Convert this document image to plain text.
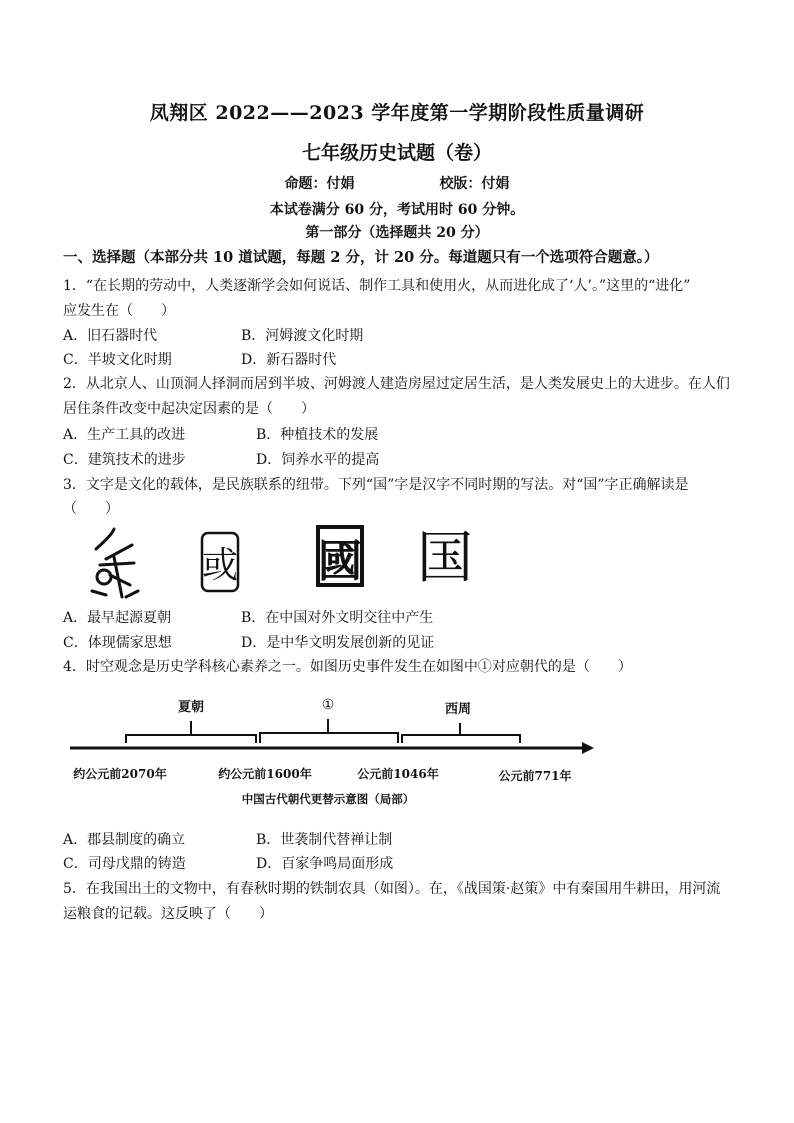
凤翔区 2022——2023 学年度第一学期阶段性质量调研
七年级历史试题（卷）
命题：付娟	校版：付娟
本试卷满分 60 分，考试用时 60 分钟。
第一部分（选择题共 20 分）
一、选择题（本部分共 10 道试题，每题 2 分，计 20 分。每道题只有一个选项符合题意。）
1．“在长期的劳动中，人类逐渐学会如何说话、制作工具和使用火，从而进化成了‘人’。”这里的“进化”
应发生在（　　）
A．旧石器时代	B．河姆渡文化时期
C．半坡文化时期	D．新石器时代
2．从北京人、山顶洞人择洞而居到半坡、河姆渡人建造房屋过定居生活，是人类发展史上的大进步。在人们
居住条件改变中起决定因素的是（　　）
A．生产工具的改进	B．种植技术的发展
C．建筑技术的进步	D．饲养水平的提高
3．文字是文化的载体，是民族联系的纽带。下列“国”字是汉字不同时期的写法。对“国”字正确解读是
（　　）
或 國 国
A．最早起源夏朝	B．在中国对外文明交往中产生
C．体现儒家思想	D．是中华文明发展创新的见证
4．时空观念是历史学科核心素养之一。如图历史事件发生在如图中①对应朝代的是（　　）
夏朝	①	西周
约公元前2070年	约公元前1600年	公元前1046年	公元前771年
中国古代朝代更替示意图（局部）
A．郡县制度的确立	B．世袭制代替禅让制
C．司母戊鼎的铸造	D．百家争鸣局面形成
5．在我国出土的文物中，有春秋时期的铁制农具（如图）。在，《战国策·赵策》中有秦国用牛耕田，用河流
运粮食的记载。这反映了（　　）
